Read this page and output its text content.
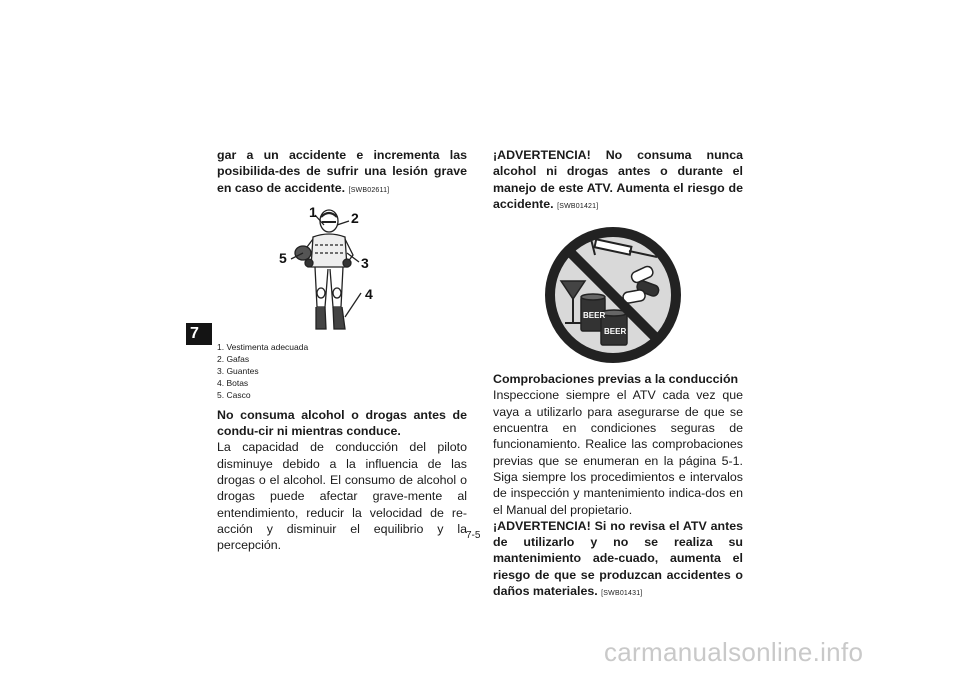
7

gar a un accidente e incrementa las posibilida-des de sufrir una lesión grave en caso de accidente. [SWB02611]

1 2
3
4
5
1. Vestimenta adecuada
2. Gafas
3. Guantes
4. Botas
5. Casco

No consuma alcohol o drogas antes de condu-cir ni mientras conduce.

La capacidad de conducción del piloto disminuye debido a la influencia de las drogas o el alcohol. El consumo de alcohol o drogas puede afectar grave-mente al entendimiento, reducir la velocidad de re-acción y disminuir el equilibrio y la percepción.

¡ADVERTENCIA! No consuma nunca alcohol ni drogas antes o durante el manejo de este ATV. Aumenta el riesgo de accidente. [SWB01421]

BEER
BEER

Comprobaciones previas a la conducción

Inspeccione siempre el ATV cada vez que vaya a utilizarlo para asegurarse de que se encuentra en condiciones seguras de funcionamiento. Realice las comprobaciones previas que se enumeran en la página 5-1. Siga siempre los procedimientos e intervalos de inspección y mantenimiento indica-dos en el Manual del propietario.

¡ADVERTENCIA! Si no revisa el ATV antes de utilizarlo y no se realiza su mantenimiento ade-cuado, aumenta el riesgo de que se produzcan accidentes o daños materiales. [SWB01431]

7-5
carmanualsonline.info
